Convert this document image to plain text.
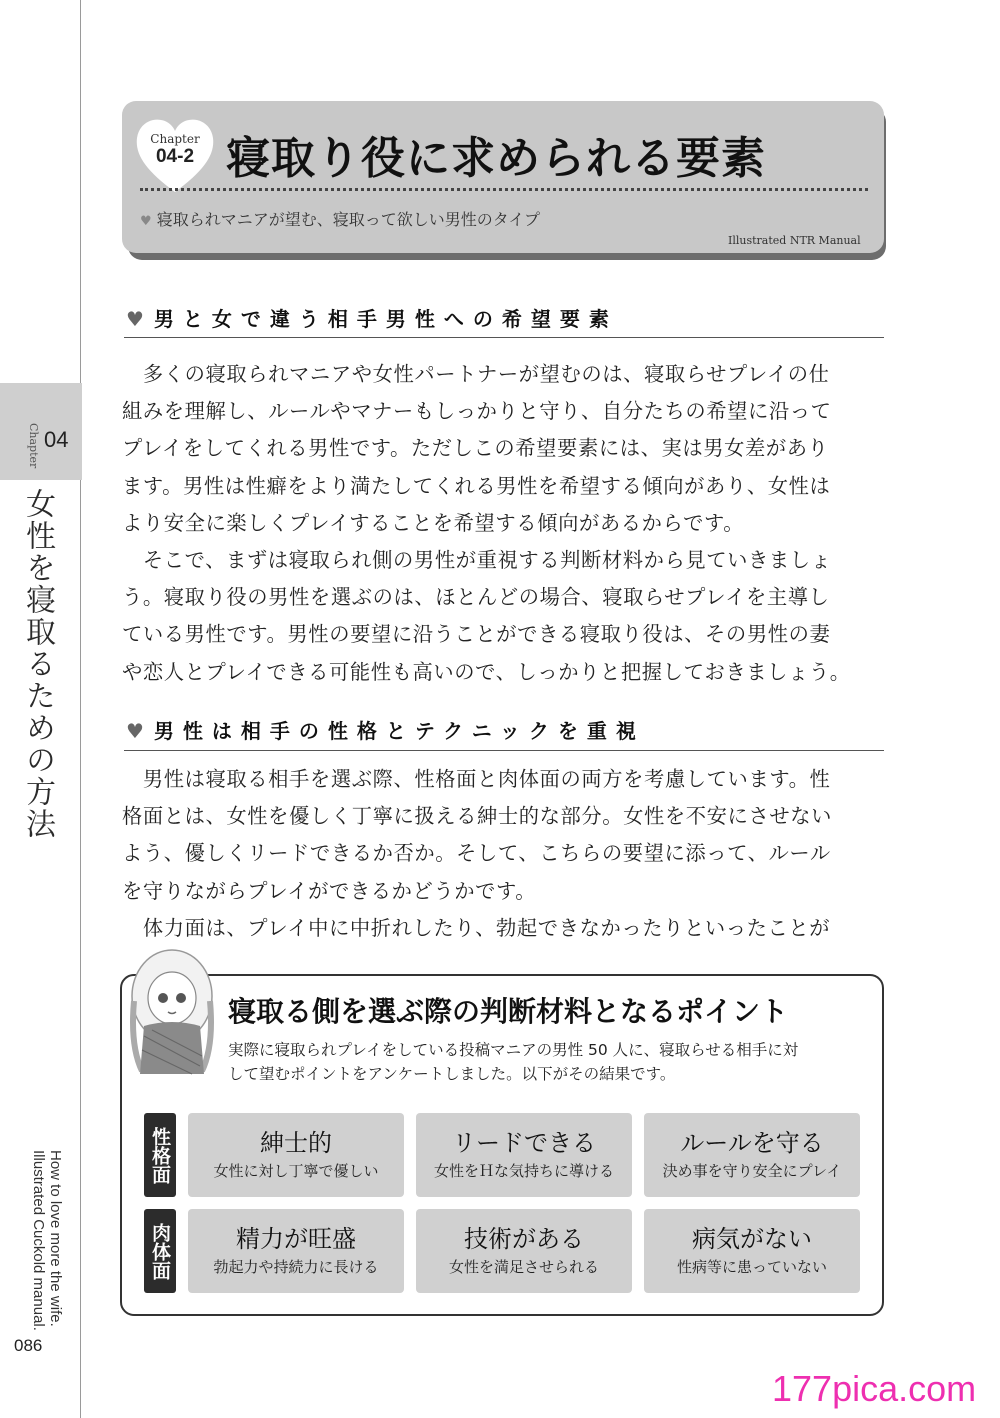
Chapter 04
女性を寝取るための方法
How to love more the wife.
Illustrated Cuckold manual.
086
Chapter
04-2 寝取り役に求められる要素
♥ 寝取られマニアが望む、寝取って欲しい男性のタイプ
Illustrated NTR Manual
♥ 男と女で違う相手男性への希望要素

　多くの寝取られマニアや女性パートナーが望むのは、寝取らせプレイの仕
組みを理解し、ルールやマナーもしっかりと守り、自分たちの希望に沿って
プレイをしてくれる男性です。ただしこの希望要素には、実は男女差があり
ます。男性は性癖をより満たしてくれる男性を希望する傾向があり、女性は
より安全に楽しくプレイすることを希望する傾向があるからです。
　そこで、まずは寝取られ側の男性が重視する判断材料から見ていきましょ
う。寝取り役の男性を選ぶのは、ほとんどの場合、寝取らせプレイを主導し
ている男性です。男性の要望に沿うことができる寝取り役は、その男性の妻
や恋人とプレイできる可能性も高いので、しっかりと把握しておきましょう。

♥ 男性は相手の性格とテクニックを重視

　男性は寝取る相手を選ぶ際、性格面と肉体面の両方を考慮しています。性
格面とは、女性を優しく丁寧に扱える紳士的な部分。女性を不安にさせない
よう、優しくリードできるか否か。そして、こちらの要望に添って、ルール
を守りながらプレイができるかどうかです。
　体力面は、プレイ中に中折れしたり、勃起できなかったりといったことが

寝取る側を選ぶ際の判断材料となるポイント

実際に寝取られプレイをしている投稿マニアの男性 50 人に、寝取らせる相手に対
して望むポイントをアンケートしました。以下がその結果です。

性格面	紳士的
女性に対し丁寧で優しい
リードできる
女性をＨな気持ちに導ける
ルールを守る
決め事を守り安全にプレイ
肉体面	精力が旺盛
勃起力や持続力に長ける
技術がある
女性を満足させられる
病気がない
性病等に患っていない
177pica.com
